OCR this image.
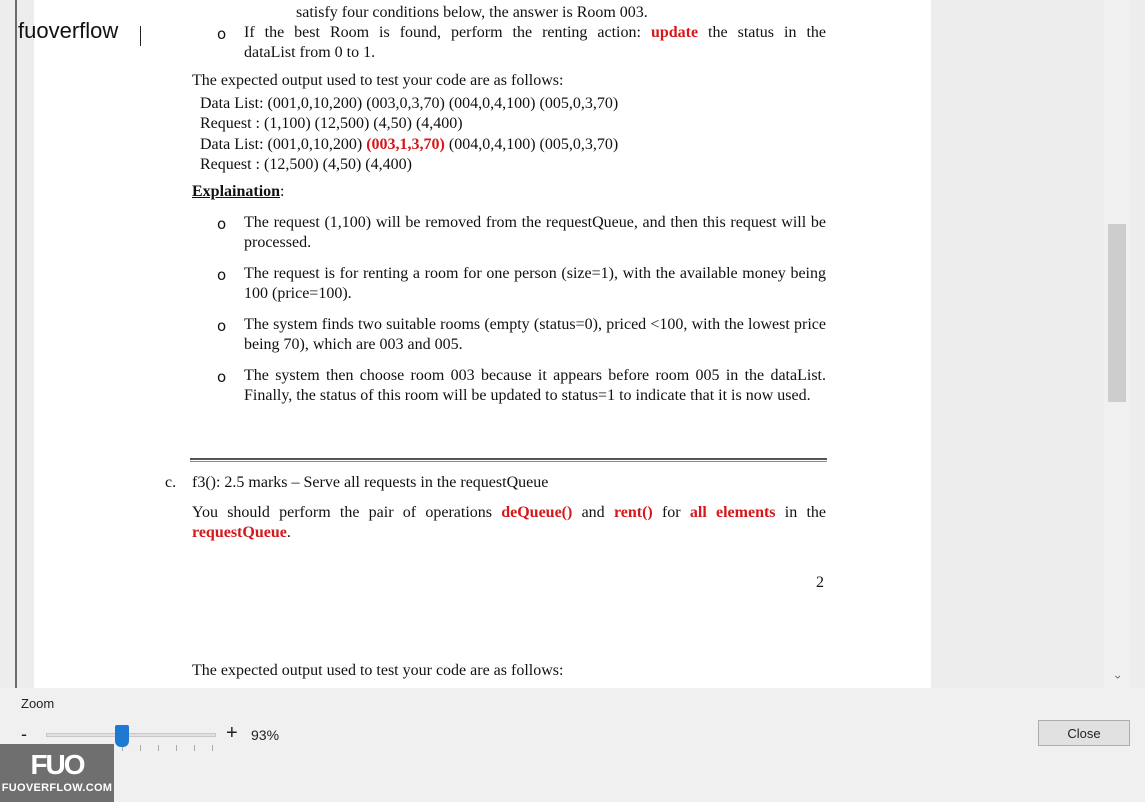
satisfy four conditions below, the answer is Room 003.
o If the best Room is found, perform the renting action: update the status in the
dataList from 0 to 1.
The expected output used to test your code are as follows:
Data List: (001,0,10,200) (003,0,3,70) (004,0,4,100) (005,0,3,70)
Request : (1,100) (12,500) (4,50) (4,400)
Data List: (001,0,10,200) (003,1,3,70) (004,0,4,100) (005,0,3,70)
Request : (12,500) (4,50) (4,400)
Explaination:
o The request (1,100) will be removed from the requestQueue, and then this request will be processed.
o The request is for renting a room for one person (size=1), with the available money being 100 (price=100).
o The system finds two suitable rooms (empty (status=0), priced <100, with the lowest price being 70), which are 003 and 005.
o The system then choose room 003 because it appears before room 005 in the dataList. Finally, the status of this room will be updated to status=1 to indicate that it is now used.
c. f3(): 2.5 marks – Serve all requests in the requestQueue
You should perform the pair of operations deQueue() and rent() for all elements in the requestQueue.
2
The expected output used to test your code are as follows:
fuoverflow
‹
Zoom
-	+ 93%	Close
FUO
FUOVERFLOW.COM
